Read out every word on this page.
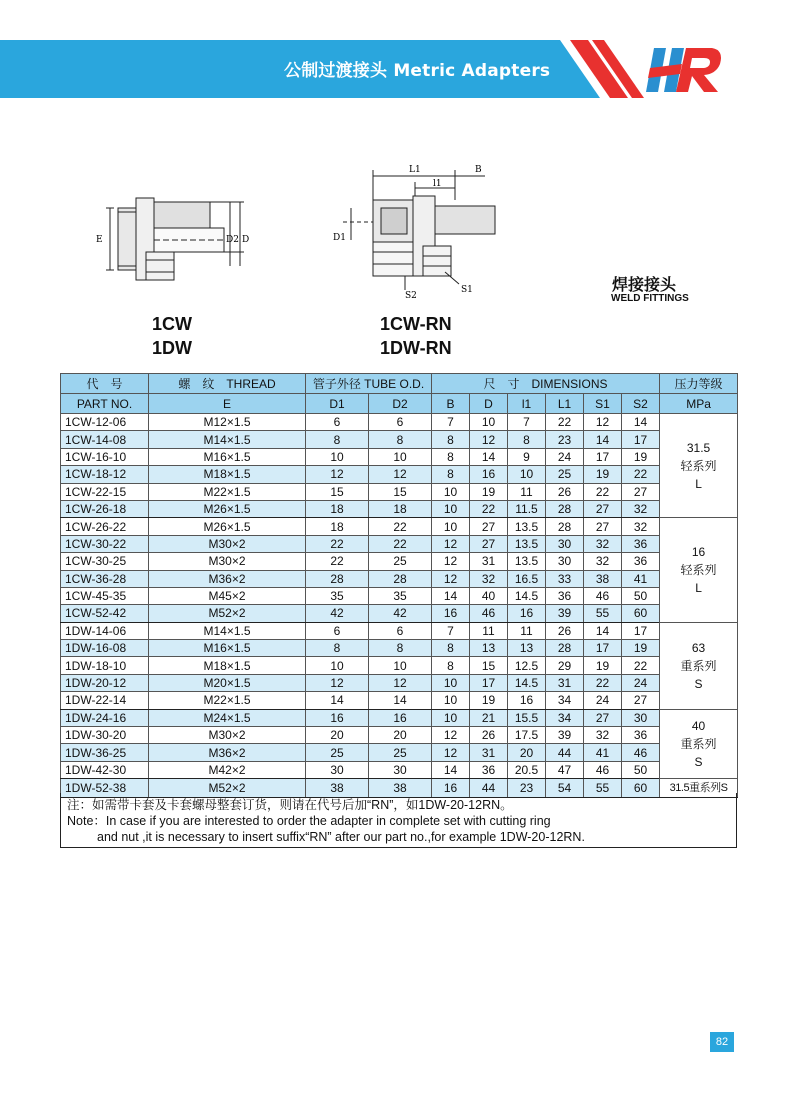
公制过渡接头 Metric Adapters
E	D2 D
L1
l1
B
D1
S2
S1
1CW
1DW
1CW-RN
1DW-RN
焊接接头
WELD FITTINGS
代　号	螺　纹　THREAD	管子外径 TUBE O.D.		尺　寸　DIMENSIONS						压力等级
PART NO.	E	D1	D2	B	D	l1	L1	S1	S2	MPa
1CW-12-06	M12×1.5	6	6	7	10	7	22	12	14	31.5
轻系列
L

1CW-14-08	M14×1.5	8	8	8	12	8	23	14	17	
1CW-16-10	M16×1.5	10	10	8	14	9	24	17	19	
1CW-18-12	M18×1.5	12	12	8	16	10	25	19	22	
1CW-22-15	M22×1.5	15	15	10	19	11	26	22	27	
1CW-26-18	M26×1.5	18	18	10	22	11.5	28	27	32	
1CW-26-22	M26×1.5	18	22	10	27	13.5	28	27	32	16
轻系列
L

1CW-30-22	M30×2	22	22	12	27	13.5	30	32	36	
1CW-30-25	M30×2	22	25	12	31	13.5	30	32	36	
1CW-36-28	M36×2	28	28	12	32	16.5	33	38	41	
1CW-45-35	M45×2	35	35	14	40	14.5	36	46	50	
1CW-52-42	M52×2	42	42	16	46	16	39	55	60	
1DW-14-06	M14×1.5	6	6	7	11	11	26	14	17	63
重系列
S

1DW-16-08	M16×1.5	8	8	8	13	13	28	17	19	
1DW-18-10	M18×1.5	10	10	8	15	12.5	29	19	22	
1DW-20-12	M20×1.5	12	12	10	17	14.5	31	22	24	
1DW-22-14	M22×1.5	14	14	10	19	16	34	24	27	
1DW-24-16	M24×1.5	16	16	10	21	15.5	34	27	30	40
重系列
S

1DW-30-20	M30×2	20	20	12	26	17.5	39	32	36	
1DW-36-25	M36×2	25	25	12	31	20	44	41	46	
1DW-42-30	M42×2	30	30	14	36	20.5	47	46	50	
1DW-52-38	M52×2	38	38	16	44	23	54	55	60	31.5重系列S
注：如需带卡套及卡套螺母整套订货，则请在代号后加“RN”，如1DW-20-12RN。
Note：In case if you are interested to order the adapter in complete set with cutting ring
and nut ,it is necessary to insert suffix“RN” after our part no.,for example 1DW-20-12RN.
82
